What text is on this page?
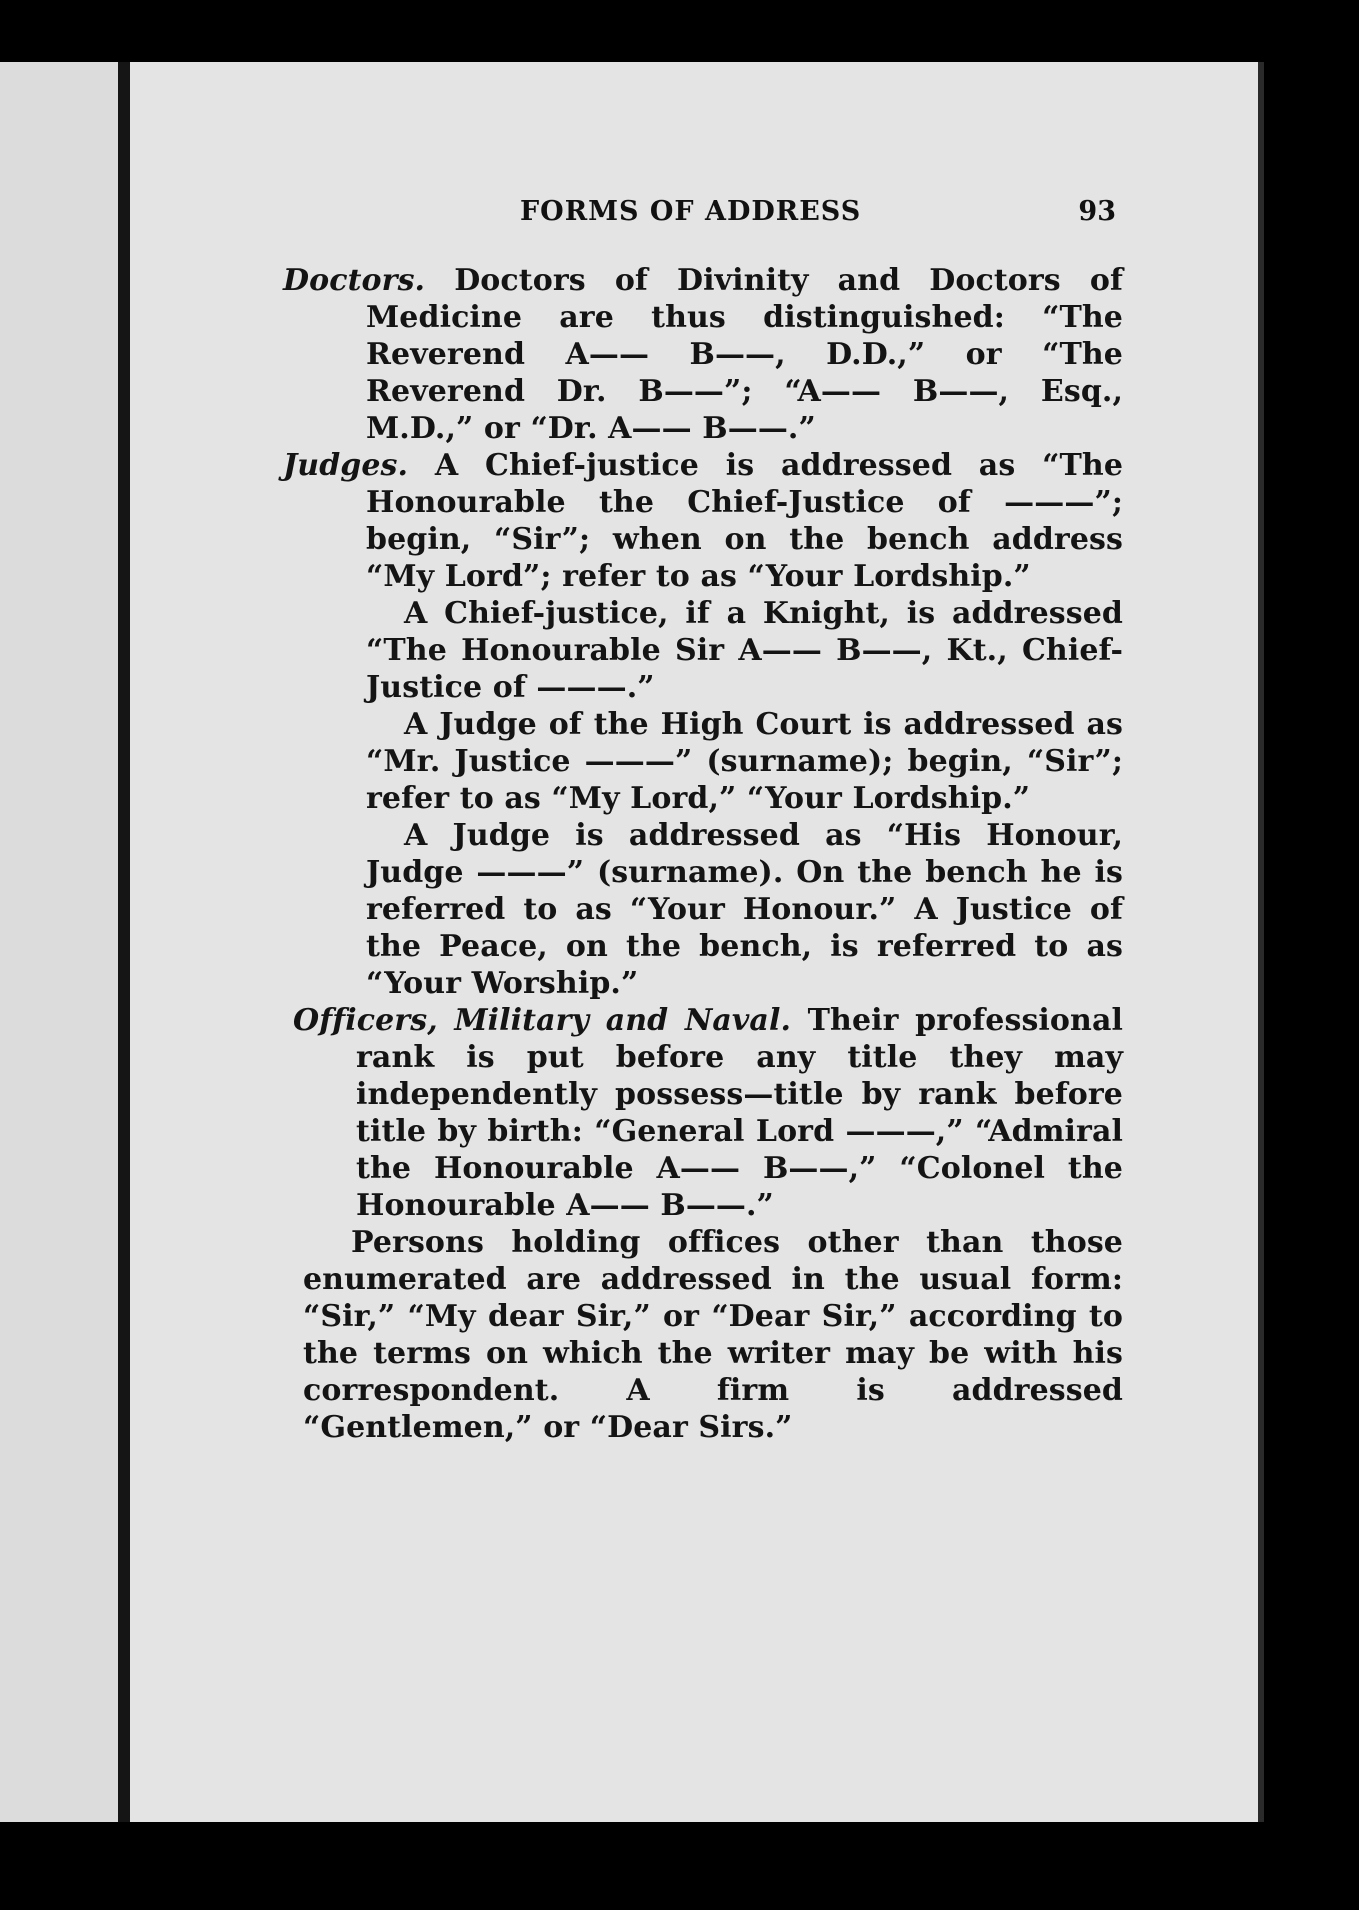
FORMS OF ADDRESS	93

Doctors. Doctors of Divinity and Doctors of Medicine are thus distinguished: “The Reverend A—— B——, D.D.,” or “The Reverend Dr. B——”; “A—— B——, Esq., M.D.,” or “Dr. A—— B——.”

Judges. A Chief-justice is addressed as “The Honourable the Chief-Justice of ———”; begin, “Sir”; when on the bench address “My Lord”; refer to as “Your Lordship.”

A Chief-justice, if a Knight, is addressed “The Honourable Sir A—— B——, Kt., Chief-Justice of ———.”

A Judge of the High Court is addressed as “Mr. Justice ———” (surname); begin, “Sir”; refer to as “My Lord,” “Your Lordship.”

A Judge is addressed as “His Honour, Judge ———” (surname). On the bench he is referred to as “Your Honour.” A Justice of the Peace, on the bench, is referred to as “Your Worship.”

Officers, Military and Naval. Their professional rank is put before any title they may independently possess—title by rank before title by birth: “General Lord ———,” “Admiral the Honourable A—— B——,” “Colonel the Honourable A—— B——.”

Persons holding offices other than those enumerated are addressed in the usual form: “Sir,” “My dear Sir,” or “Dear Sir,” according to the terms on which the writer may be with his correspondent. A firm is addressed “Gentlemen,” or “Dear Sirs.”
